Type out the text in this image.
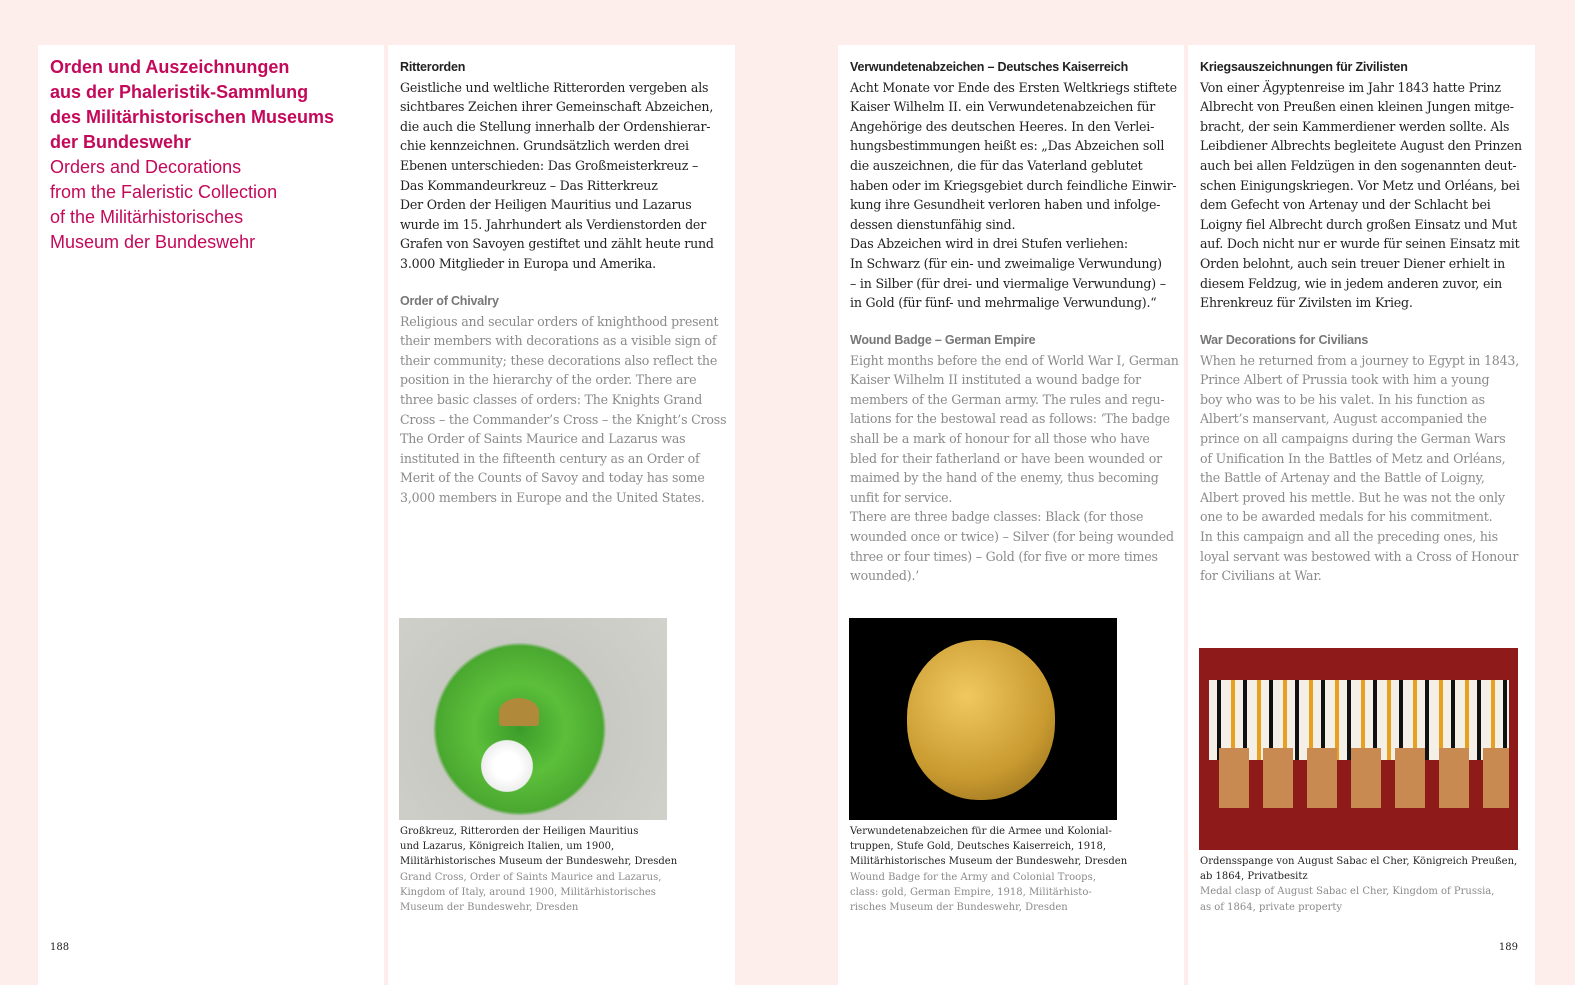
Orden und Auszeichnungen
aus der Phaleristik-Sammlung
des Militärhistorischen Museums
der Bundeswehr
Orders and Decorations
from the Faleristic Collection
of the Militärhistorisches
Museum der Bundeswehr
188
Ritterorden
Geistliche und weltliche Ritterorden vergeben als
sichtbares Zeichen ihrer Gemeinschaft Abzeichen,
die auch die Stellung innerhalb der Ordenshierar-
chie kennzeichnen. Grundsätzlich werden drei
Ebenen unterschieden: Das Großmeisterkreuz –
Das Kommandeurkreuz – Das Ritterkreuz
Der Orden der Heiligen Mauritius und Lazarus
wurde im 15. Jahrhundert als Verdienstorden der
Grafen von Savoyen gestiftet und zählt heute rund
3.000 Mitglieder in Europa und Amerika.
Order of Chivalry
Religious and secular orders of knighthood present
their members with decorations as a visible sign of
their community; these decorations also reflect the
position in the hierarchy of the order. There are
three basic classes of orders: The Knights Grand
Cross – the Commander’s Cross – the Knight’s Cross
The Order of Saints Maurice and Lazarus was
instituted in the fifteenth century as an Order of
Merit of the Counts of Savoy and today has some
3,000 members in Europe and the United States.
Großkreuz, Ritterorden der Heiligen Mauritius
und Lazarus, Königreich Italien, um 1900,
Militärhistorisches Museum der Bundeswehr, Dresden
Grand Cross, Order of Saints Maurice and Lazarus,
Kingdom of Italy, around 1900, Militärhistorisches
Museum der Bundeswehr, Dresden
Verwundetenabzeichen – Deutsches Kaiserreich
Acht Monate vor Ende des Ersten Weltkriegs stiftete
Kaiser Wilhelm II. ein Verwundetenabzeichen für
Angehörige des deutschen Heeres. In den Verlei-
hungsbestimmungen heißt es: „Das Abzeichen soll
die auszeichnen, die für das Vaterland geblutet
haben oder im Kriegsgebiet durch feindliche Einwir-
kung ihre Gesundheit verloren haben und infolge-
dessen dienstunfähig sind.
Das Abzeichen wird in drei Stufen verliehen:
In Schwarz (für ein- und zweimalige Verwundung)
– in Silber (für drei- und viermalige Verwundung) –
in Gold (für fünf- und mehrmalige Verwundung).“
Wound Badge – German Empire
Eight months before the end of World War I, German
Kaiser Wilhelm II instituted a wound badge for
members of the German army. The rules and regu-
lations for the bestowal read as follows: ‘The badge
shall be a mark of honour for all those who have
bled for their fatherland or have been wounded or
maimed by the hand of the enemy, thus becoming
unfit for service.
There are three badge classes: Black (for those
wounded once or twice) – Silver (for being wounded
three or four times) – Gold (for five or more times
wounded).’
Verwundetenabzeichen für die Armee und Kolonial-
truppen, Stufe Gold, Deutsches Kaiserreich, 1918,
Militärhistorisches Museum der Bundeswehr, Dresden
Wound Badge for the Army and Colonial Troops,
class: gold, German Empire, 1918, Militärhisto-
risches Museum der Bundeswehr, Dresden
Kriegsauszeichnungen für Zivilisten
Von einer Ägyptenreise im Jahr 1843 hatte Prinz
Albrecht von Preußen einen kleinen Jungen mitge-
bracht, der sein Kammerdiener werden sollte. Als
Leibdiener Albrechts begleitete August den Prinzen
auch bei allen Feldzügen in den sogenannten deut-
schen Einigungskriegen. Vor Metz und Orléans, bei
dem Gefecht von Artenay und der Schlacht bei
Loigny fiel Albrecht durch großen Einsatz und Mut
auf. Doch nicht nur er wurde für seinen Einsatz mit
Orden belohnt, auch sein treuer Diener erhielt in
diesem Feldzug, wie in jedem anderen zuvor, ein
Ehrenkreuz für Zivilsten im Krieg.
War Decorations for Civilians
When he returned from a journey to Egypt in 1843,
Prince Albert of Prussia took with him a young
boy who was to be his valet. In his function as
Albert’s manservant, August accompanied the
prince on all campaigns during the German Wars
of Unification In the Battles of Metz and Orléans,
the Battle of Artenay and the Battle of Loigny,
Albert proved his mettle. But he was not the only
one to be awarded medals for his commitment.
In this campaign and all the preceding ones, his
loyal servant was bestowed with a Cross of Honour
for Civilians at War.
Ordensspange von August Sabac el Cher, Königreich Preußen,
ab 1864, Privatbesitz
Medal clasp of August Sabac el Cher, Kingdom of Prussia,
as of 1864, private property
189
